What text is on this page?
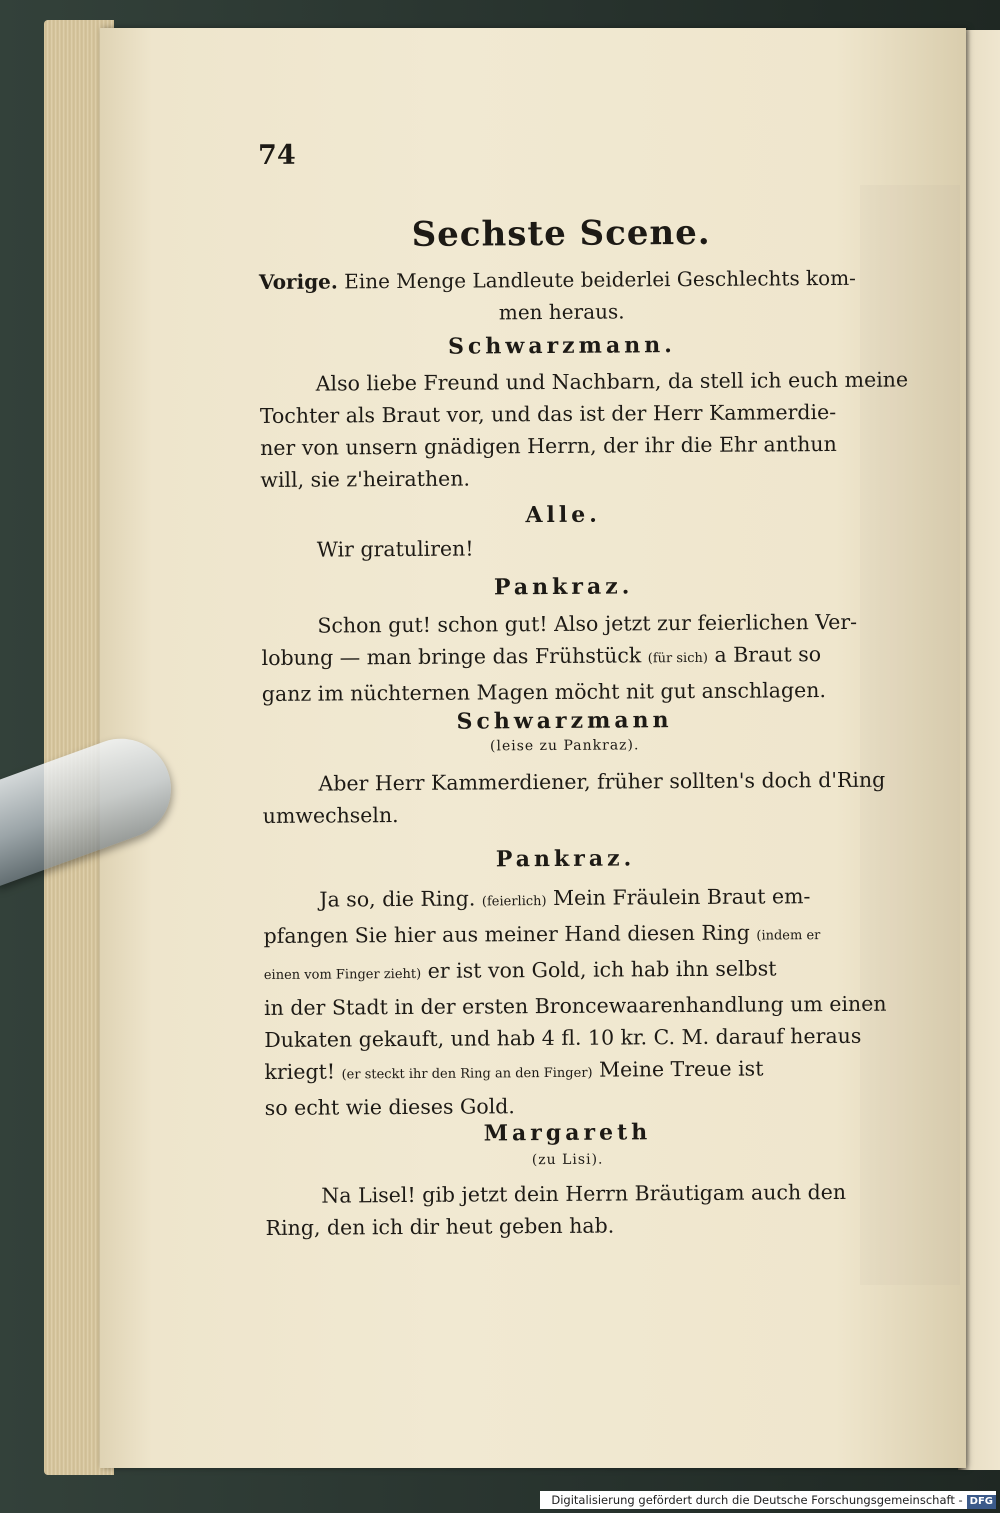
74
Sechste Scene.
Vorige. Eine Menge Landleute beiderlei Geschlechts kom-
men heraus.
Schwarzmann.
Also liebe Freund und Nachbarn, da stell ich euch meine
Tochter als Braut vor, und das ist der Herr Kammerdie-
ner von unsern gnädigen Herrn, der ihr die Ehr anthun
will, sie z'heirathen.
Alle.
Wir gratuliren!
Pankraz.
Schon gut! schon gut! Also jetzt zur feierlichen Ver-
lobung — man bringe das Frühstück (für sich) a Braut so
ganz im nüchternen Magen möcht nit gut anschlagen.
Schwarzmann
(leise zu Pankraz).
Aber Herr Kammerdiener, früher sollten's doch d'Ring
umwechseln.
Pankraz.
Ja so, die Ring. (feierlich) Mein Fräulein Braut em-
pfangen Sie hier aus meiner Hand diesen Ring (indem er
einen vom Finger zieht) er ist von Gold, ich hab ihn selbst
in der Stadt in der ersten Broncewaarenhandlung um einen
Dukaten gekauft, und hab 4 fl. 10 kr. C. M. darauf heraus
kriegt! (er steckt ihr den Ring an den Finger) Meine Treue ist
so echt wie dieses Gold.
Margareth
(zu Lisi).
Na Lisel! gib jetzt dein Herrn Bräutigam auch den
Ring, den ich dir heut geben hab.
Digitalisierung gefördert durch die Deutsche Forschungsgemeinschaft - DFG
